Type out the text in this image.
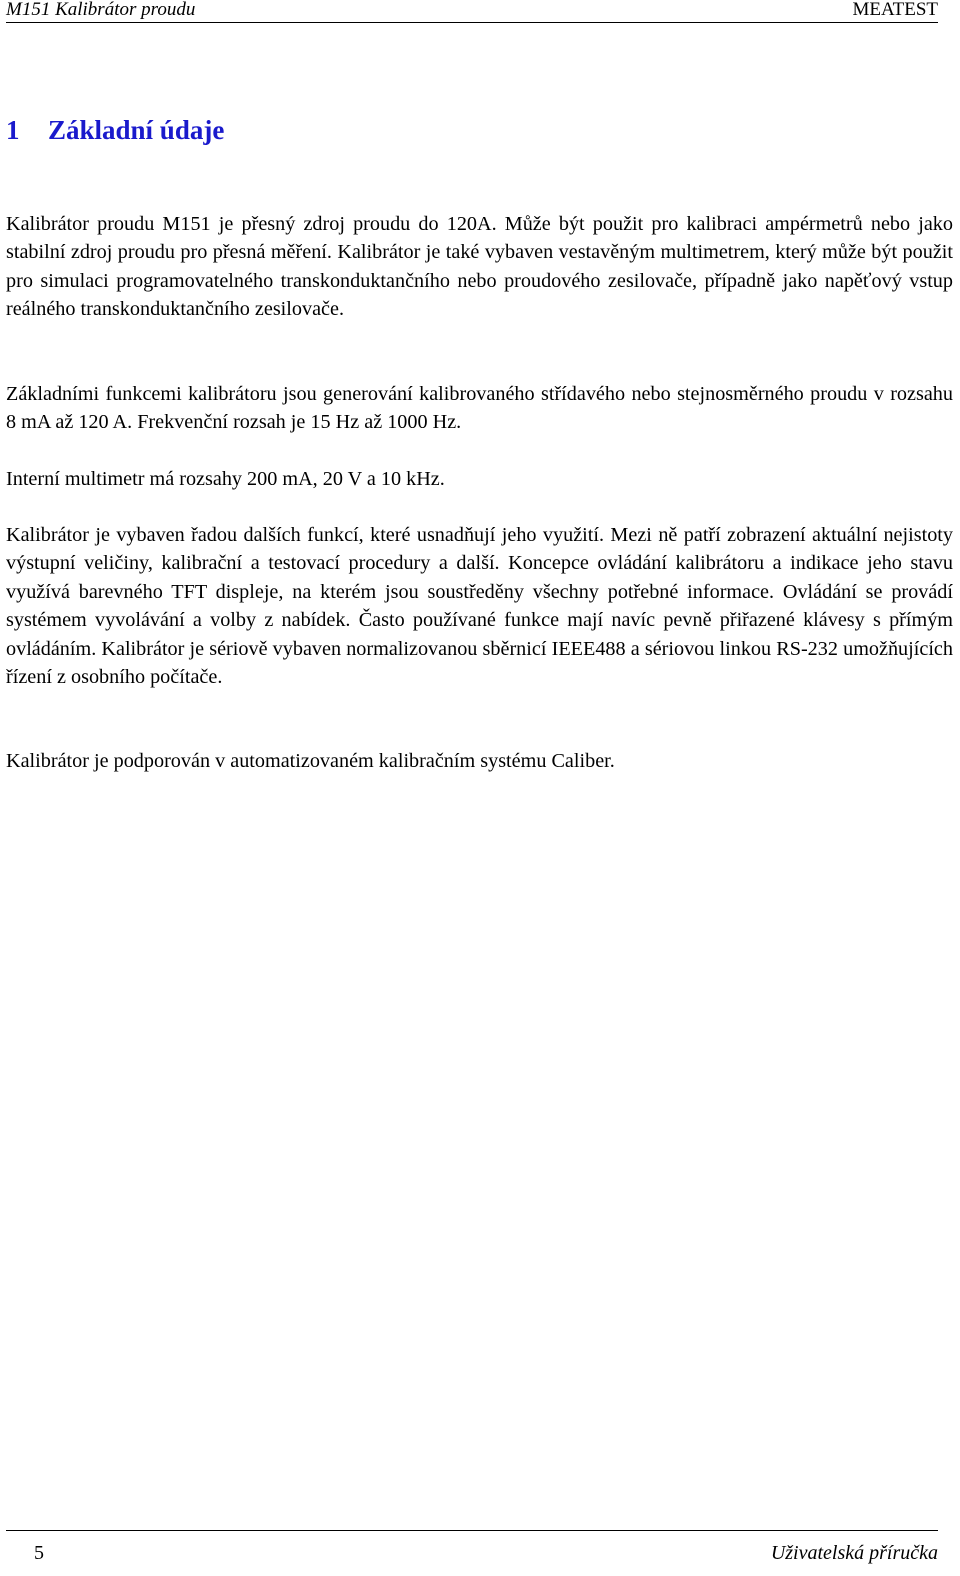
M151 Kalibrátor proudu	MEATEST
1 Základní údaje

Kalibrátor proudu M151 je přesný zdroj proudu do 120A. Může být použit pro kalibraci ampérmetrů nebo jako stabilní zdroj proudu pro přesná měření. Kalibrátor je také vybaven vestavěným multimetrem, který může být použit pro simulaci programovatelného transkonduktančního nebo proudového zesilovače, případně jako napěťový vstup reálného transkonduktančního zesilovače.

Základními funkcemi kalibrátoru jsou generování kalibrovaného střídavého nebo stejnosměrného proudu v rozsahu 8 mA až 120 A. Frekvenční rozsah je 15 Hz až 1000 Hz.

Interní multimetr má rozsahy 200 mA, 20 V a 10 kHz.

Kalibrátor je vybaven řadou dalších funkcí, které usnadňují jeho využití. Mezi ně patří zobrazení aktuální nejistoty výstupní veličiny, kalibrační a testovací procedury a další. Koncepce ovládání kalibrátoru a indikace jeho stavu využívá barevného TFT displeje, na kterém jsou soustředěny všechny potřebné informace. Ovládání se provádí systémem vyvolávání a volby z nabídek. Často používané funkce mají navíc pevně přiřazené klávesy s přímým ovládáním. Kalibrátor je sériově vybaven normalizovanou sběrnicí IEEE488 a sériovou linkou RS-232 umožňujících řízení z osobního počítače.

Kalibrátor je podporován v automatizovaném kalibračním systému Caliber.

5	Uživatelská příručka
